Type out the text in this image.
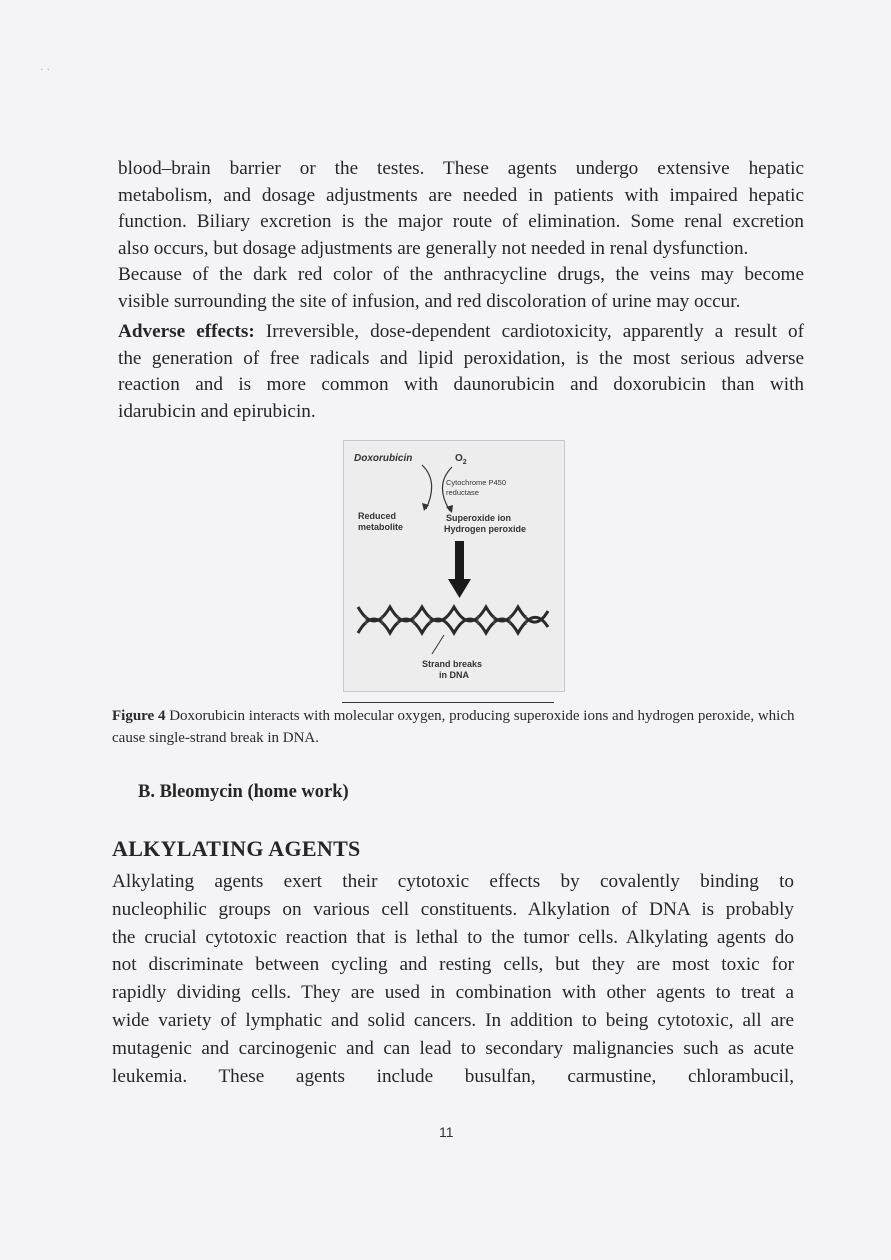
· ·
blood–brain barrier or the testes. These agents undergo extensive hepatic
metabolism, and dosage adjustments are needed in patients with impaired hepatic
function. Biliary excretion is the major route of elimination. Some renal excretion
also occurs, but dosage adjustments are generally not needed in renal dysfunction.
Because of the dark red color of the anthracycline drugs, the veins may become
visible surrounding the site of infusion, and red discoloration of urine may occur.
Adverse effects: Irreversible, dose-dependent cardiotoxicity, apparently a result of
the generation of free radicals and lipid peroxidation, is the most serious adverse
reaction and is more common with daunorubicin and doxorubicin than with
idarubicin and epirubicin.
Doxorubicin	$O_2$
Cytochrome P450
reductase
Reduced
metabolite
Superoxide ion
Hydrogen peroxide
Strand breaks
in DNA
Figure 4 Doxorubicin interacts with molecular oxygen, producing superoxide ions and hydrogen peroxide, which cause single-strand break in DNA.
B. Bleomycin (home work)
ALKYLATING AGENTS
Alkylating agents exert their cytotoxic effects by covalently binding to
nucleophilic groups on various cell constituents. Alkylation of DNA is probably
the crucial cytotoxic reaction that is lethal to the tumor cells. Alkylating agents do
not discriminate between cycling and resting cells, but they are most toxic for
rapidly dividing cells. They are used in combination with other agents to treat a
wide variety of lymphatic and solid cancers. In addition to being cytotoxic, all are
mutagenic and carcinogenic and can lead to secondary malignancies such as acute
leukemia. These agents include busulfan, carmustine, chlorambucil,
11
